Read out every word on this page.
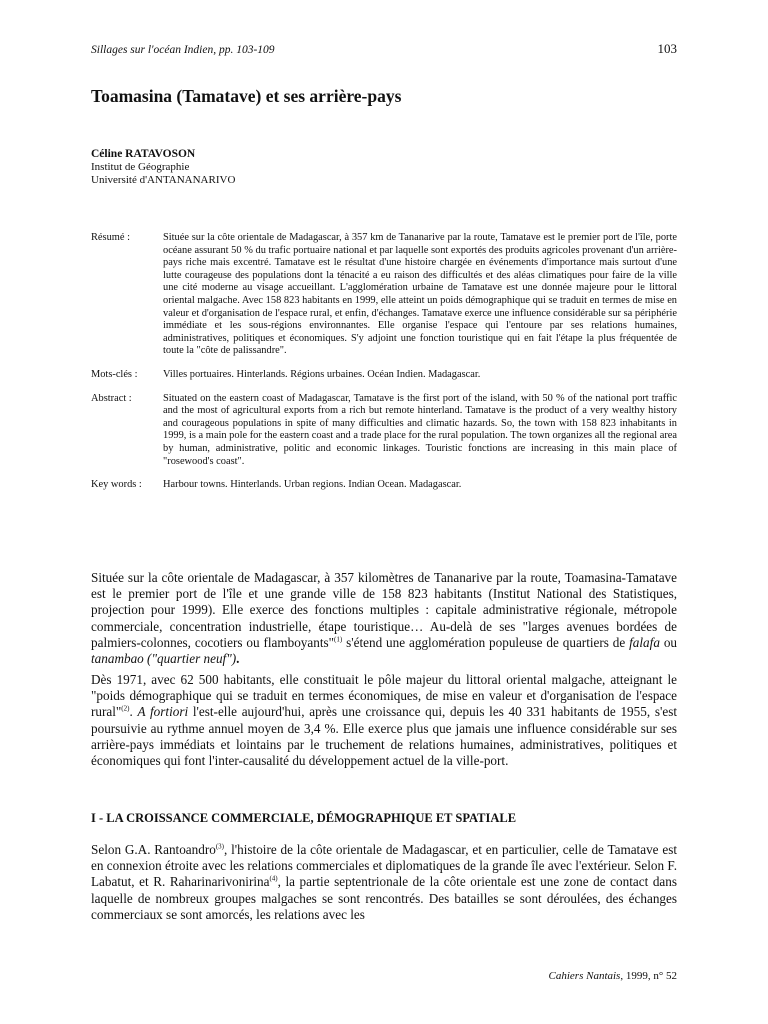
Sillages sur l'océan Indien, pp. 103-109	103
Toamasina (Tamatave) et ses arrière-pays
Céline RATAVOSON
Institut de Géographie
Université d'ANTANANARIVO
Résumé :	Située sur la côte orientale de Madagascar, à 357 km de Tananarive par la route, Tamatave est le premier port de l'île, porte océane assurant 50 % du trafic portuaire national et par laquelle sont exportés des produits agricoles provenant d'un arrière-pays riche mais excentré. Tamatave est le résultat d'une histoire chargée en événements d'importance mais surtout d'une lutte courageuse des populations dont la ténacité a eu raison des difficultés et des aléas climatiques pour faire de la ville une cité moderne au visage accueillant. L'agglomération urbaine de Tamatave est une donnée majeure pour le littoral oriental malgache. Avec 158 823 habitants en 1999, elle atteint un poids démographique qui se traduit en termes de mise en valeur et d'organisation de l'espace rural, et enfin, d'échanges. Tamatave exerce une influence considérable sur sa périphérie immédiate et les sous-régions environnantes. Elle organise l'espace qui l'entoure par ses relations humaines, administratives, politiques et économiques. S'y adjoint une fonction touristique qui en fait l'étape la plus fréquentée de toute la "côte de palissandre".
Mots-clés :	Villes portuaires. Hinterlands. Régions urbaines. Océan Indien. Madagascar.
Abstract :	Situated on the eastern coast of Madagascar, Tamatave is the first port of the island, with 50 % of the national port traffic and the most of agricultural exports from a rich but remote hinterland. Tamatave is the product of a very wealthy history and courageous populations in spite of many difficulties and climatic hazards. So, the town with 158 823 inhabitants in 1999, is a main pole for the eastern coast and a trade place for the rural population. The town organizes all the regional area by human, administrative, politic and economic linkages. Touristic fonctions are increasing in this main place of "rosewood's coast".
Key words :	Harbour towns. Hinterlands. Urban regions. Indian Ocean. Madagascar.

Située sur la côte orientale de Madagascar, à 357 kilomètres de Tananarive par la route, Toamasina-Tamatave est le premier port de l'île et une grande ville de 158 823 habitants (Institut National des Statistiques, projection pour 1999). Elle exerce des fonctions multiples : capitale administrative régionale, métropole commerciale, concentration industrielle, étape touristique… Au-delà de ses "larges avenues bordées de palmiers-colonnes, cocotiers ou flamboyants"$^{(1)}$ s'étend une agglomération populeuse de quartiers de falafa ou tanambao ("quartier neuf").

Dès 1971, avec 62 500 habitants, elle constituait le pôle majeur du littoral oriental malgache, atteignant le "poids démographique qui se traduit en termes économiques, de mise en valeur et d'organisation de l'espace rural"$^{(2)}$. A fortiori l'est-elle aujourd'hui, après une croissance qui, depuis les 40 331 habitants de 1955, s'est poursuivie au rythme annuel moyen de 3,4 %. Elle exerce plus que jamais une influence considérable sur ses arrière-pays immédiats et lointains par le truchement de relations humaines, administratives, politiques et économiques qui font l'inter-causalité du développement actuel de la ville-port.

I - LA CROISSANCE COMMERCIALE, DÉMOGRAPHIQUE ET SPATIALE

Selon G.A. Rantoandro$^{(3)}$, l'histoire de la côte orientale de Madagascar, et en particulier, celle de Tamatave est en connexion étroite avec les relations commerciales et diplomatiques de la grande île avec l'extérieur. Selon F. Labatut, et R. Raharinarivonirina$^{(4)}$, la partie septentrionale de la côte orientale est une zone de contact dans laquelle de nombreux groupes malgaches se sont rencontrés. Des batailles se sont déroulées, des échanges commerciaux se sont amorcés, les relations avec les

Cahiers Nantais, 1999, n° 52
